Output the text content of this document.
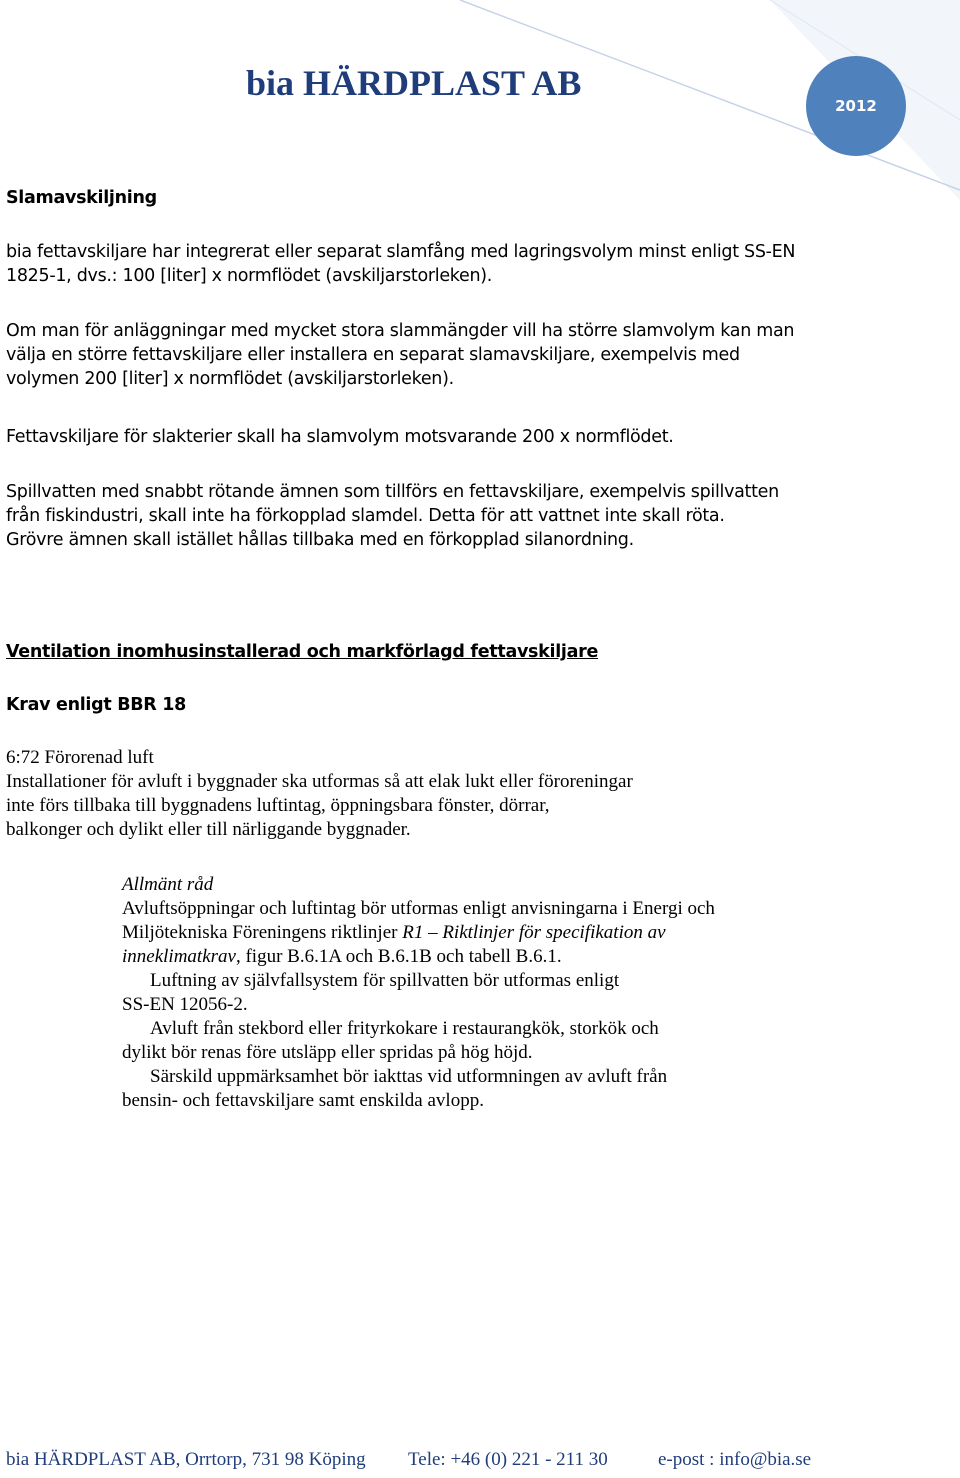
bia HÄRDPLAST AB
2012
Slamavskiljning
bia fettavskiljare har integrerat eller separat slamfång med lagringsvolym minst enligt SS-EN
1825-1, dvs.: 100 [liter] x normflödet (avskiljarstorleken).
Om man för anläggningar med mycket stora slammängder vill ha större slamvolym kan man
välja en större fettavskiljare eller installera en separat slamavskiljare, exempelvis med
volymen 200 [liter] x normflödet (avskiljarstorleken).
Fettavskiljare för slakterier skall ha slamvolym motsvarande 200 x normflödet.
Spillvatten med snabbt rötande ämnen som tillförs en fettavskiljare, exempelvis spillvatten
från fiskindustri, skall inte ha förkopplad slamdel. Detta för att vattnet inte skall röta.
Grövre ämnen skall istället hållas tillbaka med en förkopplad silanordning.
Ventilation inomhusinstallerad och markförlagd fettavskiljare
Krav enligt BBR 18
6:72 Förorenad luft
Installationer för avluft i byggnader ska utformas så att elak lukt eller föroreningar
inte förs tillbaka till byggnadens luftintag, öppningsbara fönster, dörrar,
balkonger och dylikt eller till närliggande byggnader.
Allmänt råd
Avluftsöppningar och luftintag bör utformas enligt anvisningarna i Energi och
Miljötekniska Föreningens riktlinjer R1 – Riktlinjer för specifikation av
inneklimatkrav, figur B.6.1A och B.6.1B och tabell B.6.1.
Luftning av självfallsystem för spillvatten bör utformas enligt
SS-EN 12056-2.
Avluft från stekbord eller frityrkokare i restaurangkök, storkök och
dylikt bör renas före utsläpp eller spridas på hög höjd.
Särskild uppmärksamhet bör iakttas vid utformningen av avluft från
bensin- och fettavskiljare samt enskilda avlopp.
bia HÄRDPLAST AB, Orrtorp, 731 98 Köping Tele: +46 (0) 221 - 211 30	e-post : info@bia.se
